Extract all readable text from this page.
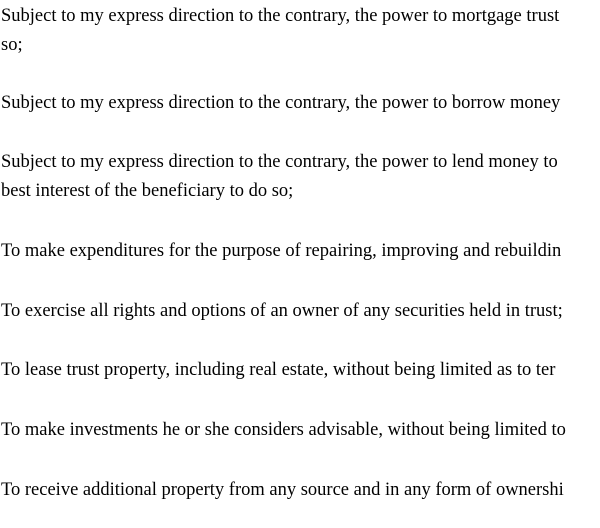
Subject to my express direction to the contrary, the power to mortgage trust
so;

Subject to my express direction to the contrary, the power to borrow money

Subject to my express direction to the contrary, the power to lend money to
best interest of the beneficiary to do so;

To make expenditures for the purpose of repairing, improving and rebuildin

To exercise all rights and options of an owner of any securities held in trust;

To lease trust property, including real estate, without being limited as to ter

To make investments he or she considers advisable, without being limited to

To receive additional property from any source and in any form of ownershi
